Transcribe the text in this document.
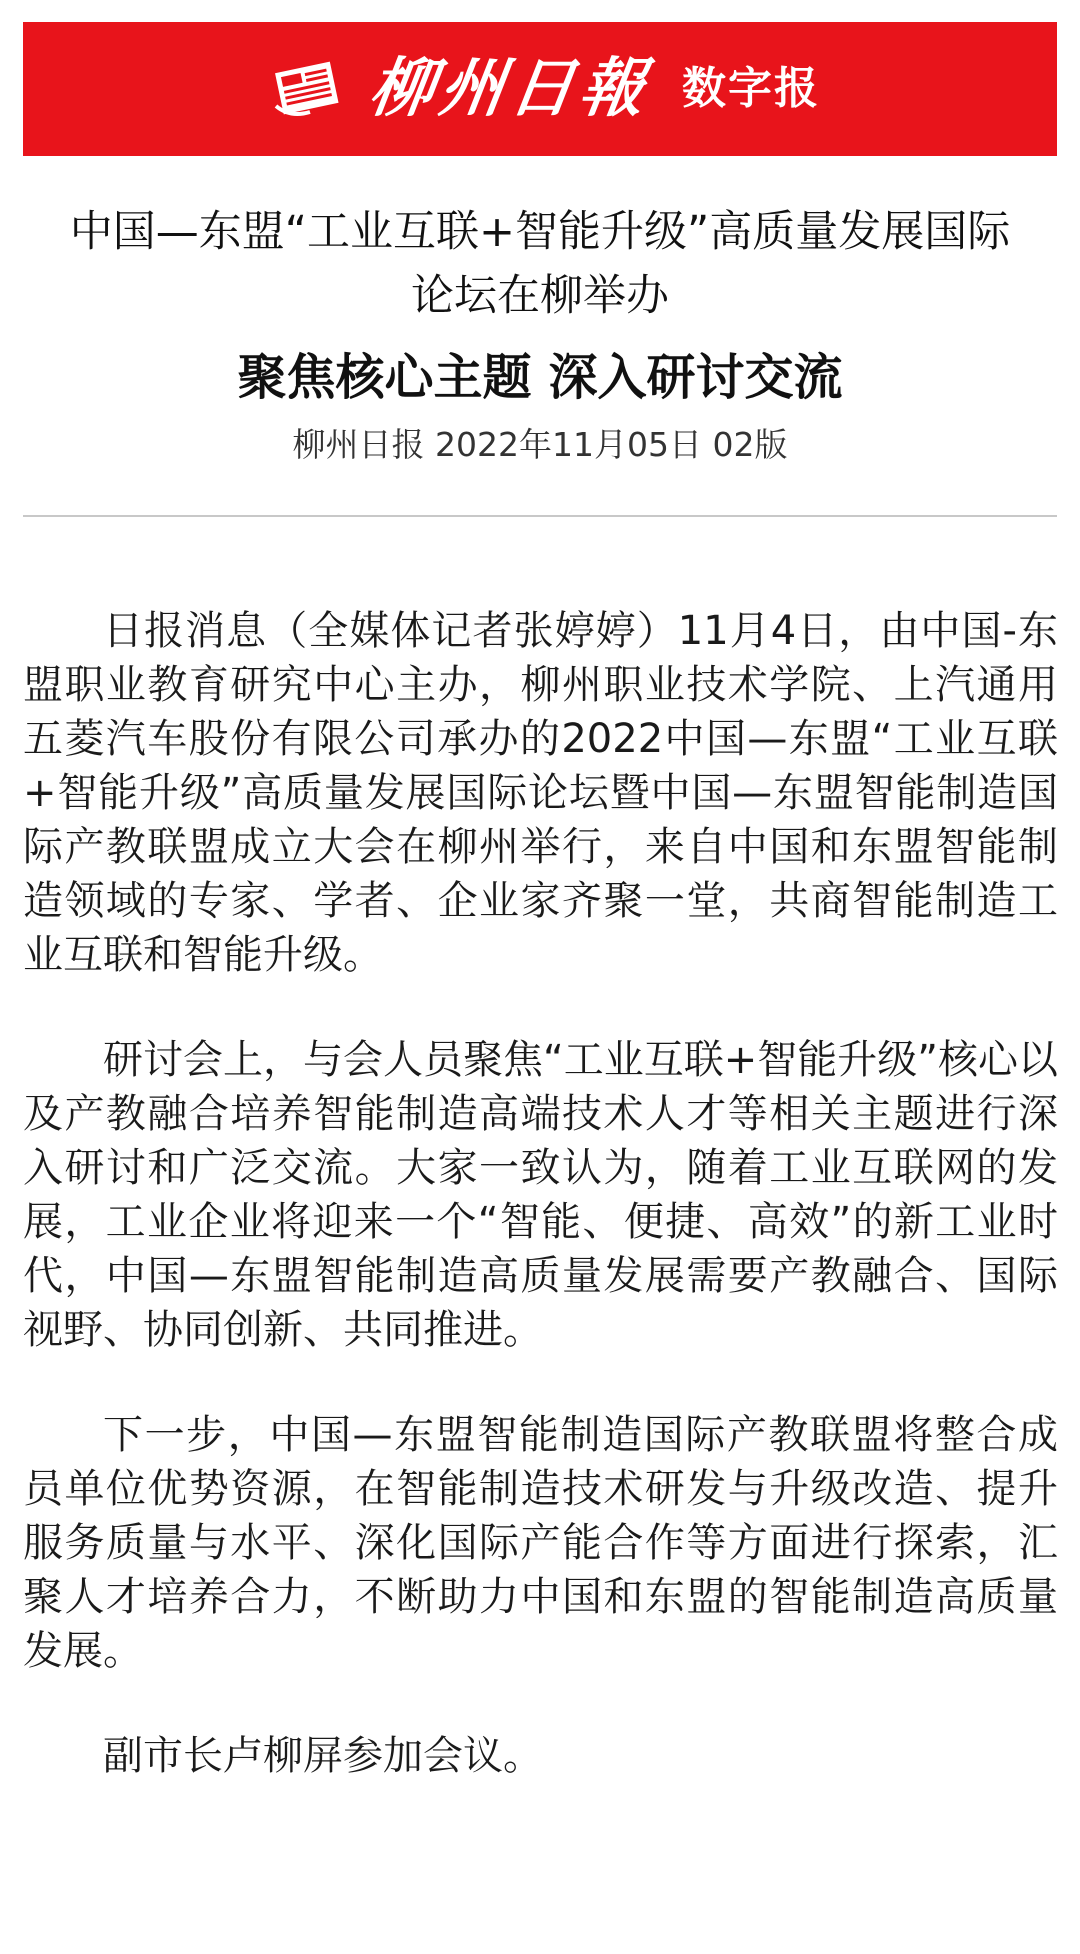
柳州日報 数字报
中国—东盟“工业互联+智能升级”高质量发展国际
论坛在柳举办
聚焦核心主题 深入研讨交流
柳州日报 2022年11月05日 02版

日报消息（全媒体记者张婷婷）11月4日，由中国-东盟职业教育研究中心主办，柳州职业技术学院、上汽通用五菱汽车股份有限公司承办的2022中国—东盟“工业互联+智能升级”高质量发展国际论坛暨中国—东盟智能制造国际产教联盟成立大会在柳州举行，来自中国和东盟智能制造领域的专家、学者、企业家齐聚一堂，共商智能制造工业互联和智能升级。

研讨会上，与会人员聚焦“工业互联+智能升级”核心以及产教融合培养智能制造高端技术人才等相关主题进行深入研讨和广泛交流。大家一致认为，随着工业互联网的发展，工业企业将迎来一个“智能、便捷、高效”的新工业时代，中国—东盟智能制造高质量发展需要产教融合、国际视野、协同创新、共同推进。

下一步，中国—东盟智能制造国际产教联盟将整合成员单位优势资源，在智能制造技术研发与升级改造、提升服务质量与水平、深化国际产能合作等方面进行探索，汇聚人才培养合力，不断助力中国和东盟的智能制造高质量发展。

副市长卢柳屏参加会议。
